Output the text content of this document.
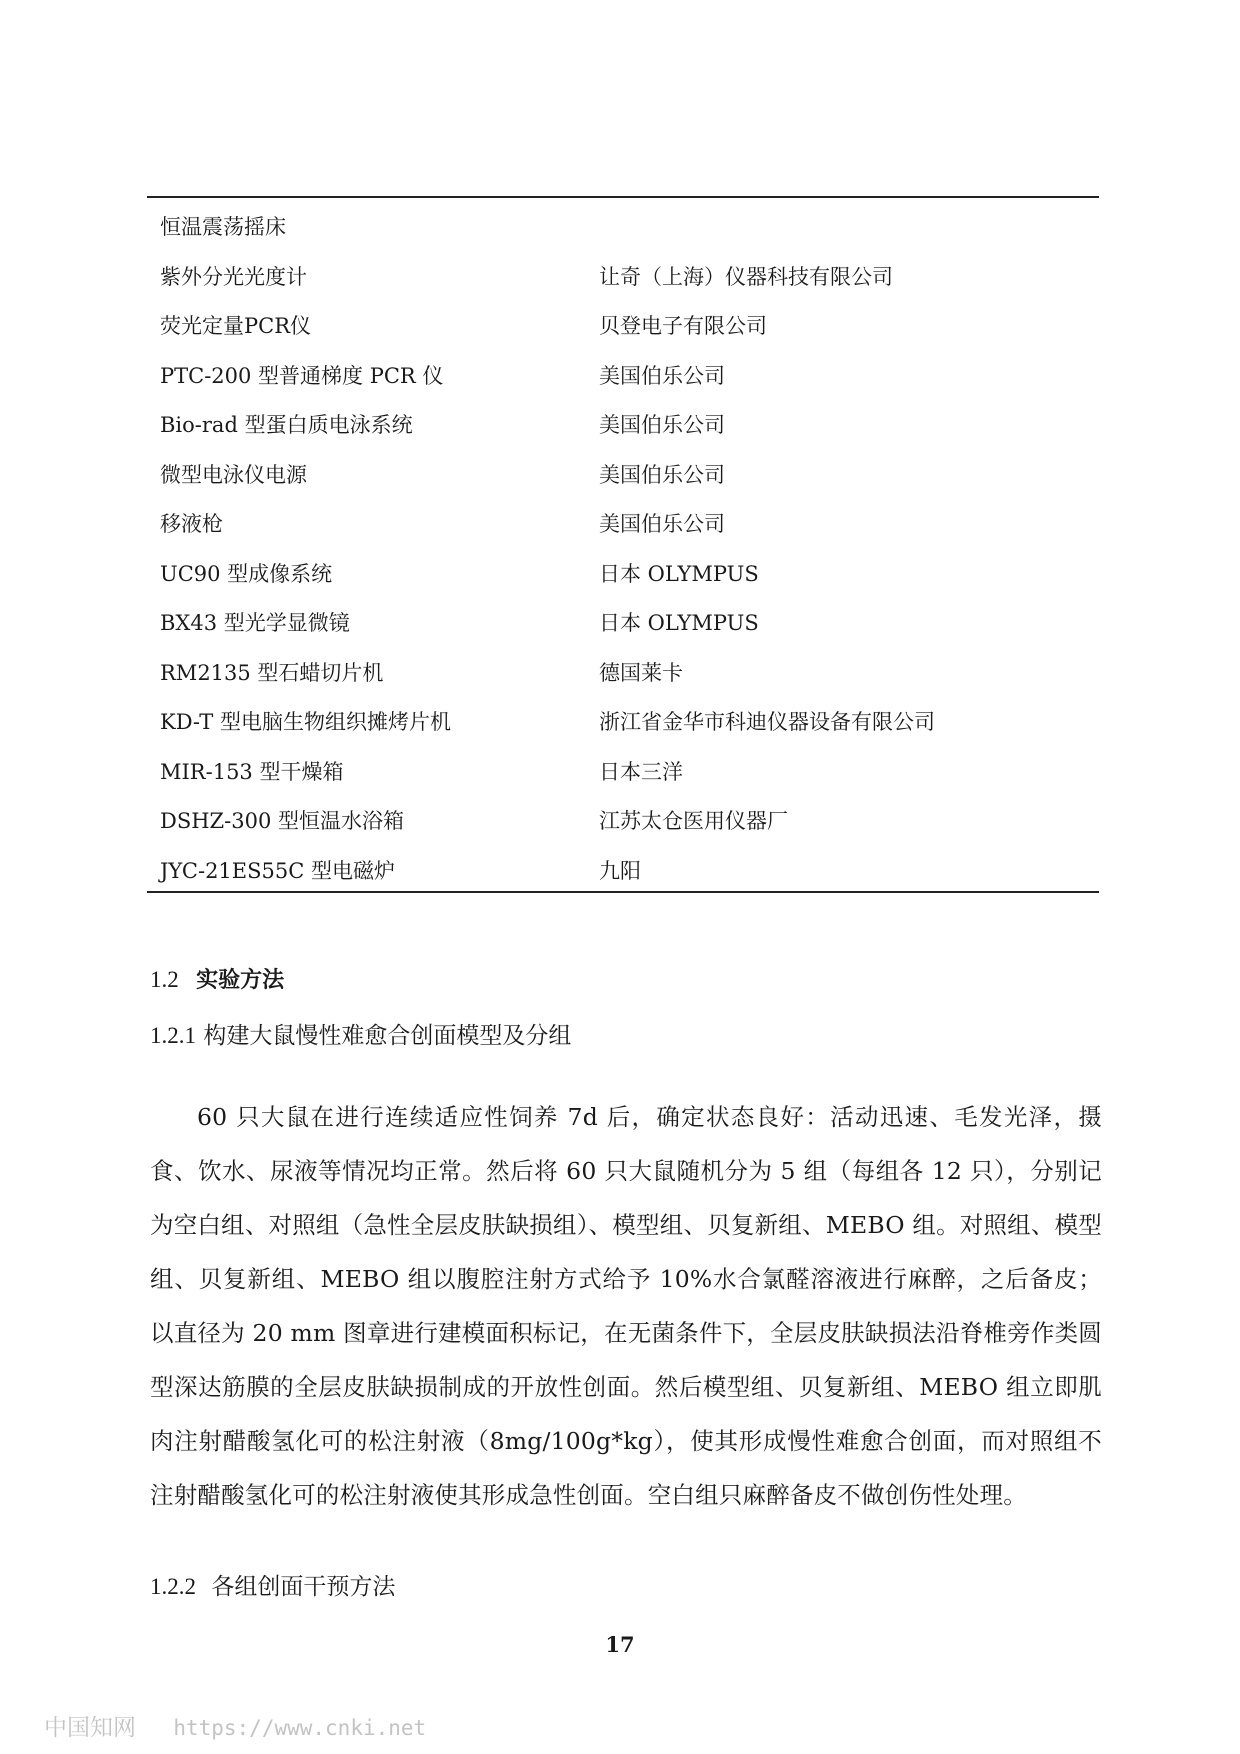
恒温震荡摇床
紫外分光光度计	让奇（上海）仪器科技有限公司
荧光定量PCR仪	贝登电子有限公司
PTC-200 型普通梯度 PCR 仪	美国伯乐公司
Bio-rad 型蛋白质电泳系统	美国伯乐公司
微型电泳仪电源	美国伯乐公司
移液枪	美国伯乐公司
UC90 型成像系统	日本 OLYMPUS
BX43 型光学显微镜	日本 OLYMPUS
RM2135 型石蜡切片机	德国莱卡
KD-T 型电脑生物组织摊烤片机	浙江省金华市科迪仪器设备有限公司
MIR-153 型干燥箱	日本三洋
DSHZ-300 型恒温水浴箱	江苏太仓医用仪器厂
JYC-21ES55C 型电磁炉	九阳
1.2 实验方法
1.2.1 构建大鼠慢性难愈合创面模型及分组

60 只大鼠在进行连续适应性饲养 7d 后，确定状态良好：活动迅速、毛发光泽，摄食、饮水、尿液等情况均正常。然后将 60 只大鼠随机分为 5 组（每组各 12 只），分别记为空白组、对照组（急性全层皮肤缺损组）、模型组、贝复新组、MEBO 组。对照组、模型组、贝复新组、MEBO 组以腹腔注射方式给予 10%水合氯醛溶液进行麻醉，之后备皮；以直径为 20 mm 图章进行建模面积标记，在无菌条件下，全层皮肤缺损法沿脊椎旁作类圆型深达筋膜的全层皮肤缺损制成的开放性创面。然后模型组、贝复新组、MEBO 组立即肌肉注射醋酸氢化可的松注射液（8mg/100g*kg），使其形成慢性难愈合创面，而对照组不注射醋酸氢化可的松注射液使其形成急性创面。空白组只麻醉备皮不做创伤性处理。

1.2.2 各组创面干预方法
17
中国知网 https://www.cnki.net
